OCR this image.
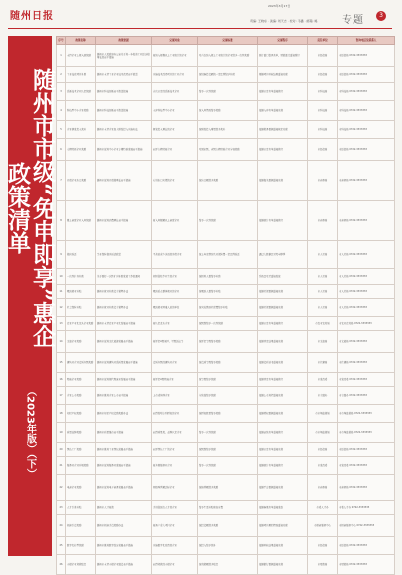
随州日报
2023年3月17日
责编: 王晓东 · 美编: 刘天志 · 校对: 韦鑫 · 邮箱: 略 专题	3
随州市市级“免申即享”惠企政策清单
（2023年版）（下）
序号	政策名称	政策依据	兑现对象	兑现标准	兑现程序	责任单位	咨询电话及联系人
1	支持企业上规入统奖励	随州市人民政府办公室关于进一步促进工业经济稳增长的若干措施	新纳入规模以上工业统计的企业	对首次纳入规上工业统计的企业给予一次性奖励	统计部门提供名单，财政部门直接拨付	市经信局	市经信局 0722-3333333
2	工业技改项目补助	随州市支持工业企业技术改造若干政策	实施技术改造项目的工业企业	按设备投资额的一定比例给予补助	根据项目验收结果直接兑现	市经信局	市经信局 0722-3333333
3	高新技术企业认定奖励	随州市科技创新若干政策措施	首次认定的高新技术企业	给予一次性奖励	依据认定名单直接拨付	市科技局	市科技局 0722-3333333
4	科技型中小企业奖励	随州市科技创新若干政策措施	入库科技型中小企业	按入库情况给予奖励	依据入库名单直接兑现	市科技局	市科技局 0722-3333333
5	企业研发投入奖补	随州市支持企业加大研发投入实施办法	研发投入增长的企业	按研发投入增量给予奖补	依据税务数据直接核定兑现	市科技局	市科技局 0722-3333333
6	专精特新企业奖励	随州市促进中小企业专精特新发展若干措施	获评专精特新企业	对国家级、省级专精特新企业分档奖励	依据认定名单直接拨付	市经信局	市经信局 0722-3333333
7	外贸企业出口奖励	随州市促进外贸稳增长若干措施	有进出口实绩的企业	按出口额给予奖励	依据海关数据直接兑现	市商务局	市商务局 0722-3333333
8	限上商贸企业入库奖励	随州市促进消费增长若干措施	新入库限额以上商贸企业	给予一次性奖励	依据统计名单直接拨付	市商务局	市商务局 0722-3333333
9	稳岗返还	失业保险稳岗返还政策	不裁员或少裁员的参保企业	按上年度缴纳失业保险费一定比例返还	通过大数据比对免申即享	市人社局	市人社局 0722-3333333
10	一次性扩岗补助	关于做好一次性扩岗补助发放工作的通知	招用高校毕业生的企业	按招用人数给予补助	系统比对后直接发放	市人社局	市人社局 0722-3333333
11	吸纳就业补贴	随州市就业补助资金管理办法	吸纳重点群体就业的企业	按吸纳人数给予补贴	依据社保数据直接兑现	市人社局	市人社局 0722-3333333
12	社会保险补贴	随州市就业补助资金管理办法	吸纳就业困难人员的单位	按实际缴纳社保费给予补贴	依据社保数据直接兑现	市人社局	市人社局 0722-3333333
13	农业产业化龙头企业奖励	随州市支持农业产业化发展若干措施	新认定龙头企业	按级别给予一次性奖励	依据认定名单直接拨付	市农业农村局	市农业农村局 0722-3333333
14	文旅企业奖励	随州市促进文化旅游发展若干措施	新评定A级景区、星级饭店等	按评定等级给予奖励	依据评定结果直接兑现	市文旅局	市文旅局 0722-3333333
15	建筑业企业资质升级奖励	随州市促进建筑业高质量发展若干措施	资质升级的建筑业企业	按资质等级给予奖励	依据资质证书直接兑现	市住建局	市住建局 0722-3333333
16	物流企业奖励	随州市促进现代物流业发展若干措施	新评定A级物流企业	按等级给予奖励	依据评定名单直接拨付	市发改委	市发改委 0722-3333333
17	企业上市奖励	随州市推进企业上市若干措施	上市或挂牌企业	分阶段给予奖励	依据上市进程直接兑现	市金融办	市金融办 0722-3333333
18	知识产权奖励	随州市知识产权资助奖励办法	获得发明专利授权的企业	按授权数量给予奖励	依据授权数据直接兑现	市市场监管局	市市场监管局 0722-3333333
19	质量品牌奖励	随州市质量强市若干措施	获得质量奖、品牌认定企业	给予一次性奖励	依据获奖名单直接拨付	市市场监管局	市市场监管局 0722-3333333
20	绿色工厂奖励	随州市推进工业绿色发展若干措施	获评绿色工厂的企业	按级别给予奖励	依据认定名单直接兑现	市经信局	市经信局 0722-3333333
21	服务业企业升规奖励	随州市促进服务业发展若干措施	新升规服务业企业	给予一次性奖励	依据统计名单直接拨付	市发改委	市发改委 0722-3333333
22	电商企业奖励	随州市促进电子商务发展若干措施	网络零售额达标企业	按销售额给予奖励	依据平台数据直接兑现	市商务局	市商务局 0722-3333333
23	人才引进补贴	随州市人才新政	引进高层次人才的企业	给予生活补贴和安家费	依据备案名单直接发放	市委人才办	市委人才办 0722-3333333
24	招商引资奖励	随州市招商引资奖励办法	新落户重大项目企业	按投资额给予奖励	依据项目履约情况直接兑现	市招商服务中心	市招商服务中心 0722-3333333
25	数字化转型奖励	随州市推进数字经济发展若干措施	实施数字化改造的企业	按投入给予奖补	依据验收结果直接兑现	市经信局	市经信局 0722-3333333
26	小微企业贷款贴息	随州市支持小微企业融资若干措施	获得贷款的小微企业	按贷款额给予贴息	依据银行数据直接兑现	市财政局	市财政局 0722-3333333
